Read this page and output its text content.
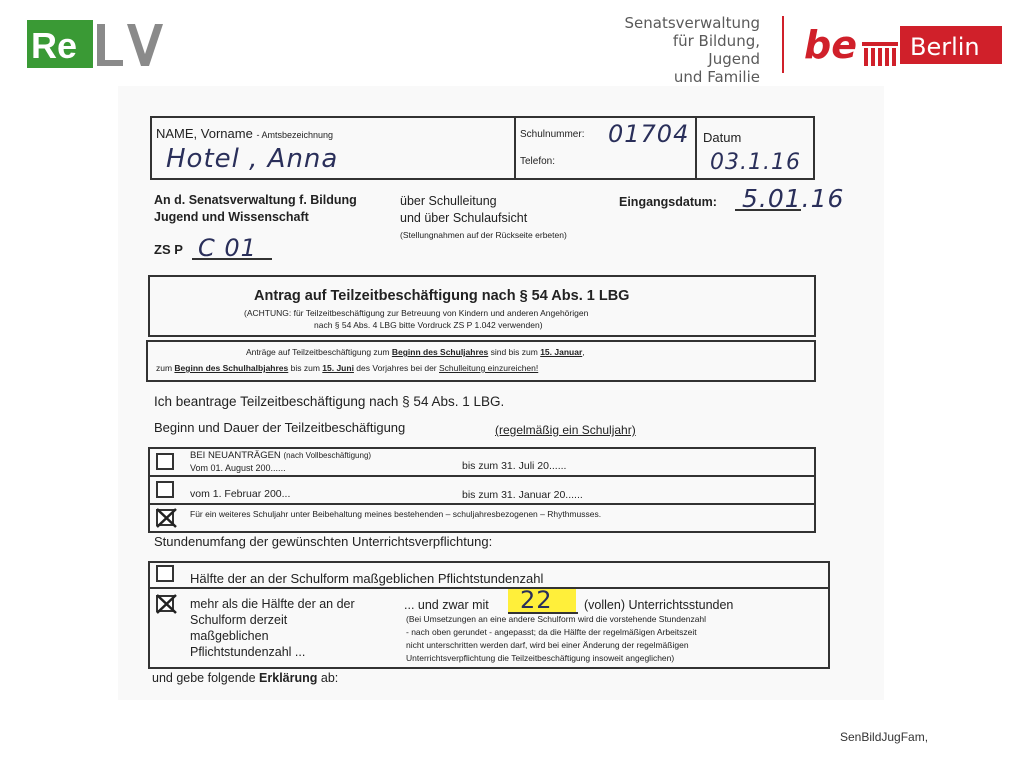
Re
Senatsverwaltung
für Bildung, Jugend
und Familie
be Berlin
NAME, Vorname - Amtsbezeichnung
Hotel , Anna
Schulnummer: 01704
Telefon:
Datum
03.1.16
An d. Senatsverwaltung f. Bildung
Jugend und Wissenschaft
über Schulleitung
und über Schulaufsicht
(Stellungnahmen auf der Rückseite erbeten)
Eingangsdatum: 5.01.16
ZS P C 01
Antrag auf Teilzeitbeschäftigung nach § 54 Abs. 1 LBG
(ACHTUNG: für Teilzeitbeschäftigung zur Betreuung von Kindern und anderen Angehörigen
nach § 54 Abs. 4 LBG bitte Vordruck ZS P 1.042 verwenden)
Anträge auf Teilzeitbeschäftigung zum Beginn des Schuljahres sind bis zum 15. Januar,
zum Beginn des Schulhalbjahres bis zum 15. Juni des Vorjahres bei der Schulleitung einzureichen!
Ich beantrage Teilzeitbeschäftigung nach § 54 Abs. 1 LBG.
Beginn und Dauer der Teilzeitbeschäftigung	(regelmäßig ein Schuljahr)
BEI NEUANTRÄGEN (nach Vollbeschäftigung)
Vom 01. August 200......	bis zum 31. Juli 20......
vom 1. Februar 200...	bis zum 31. Januar 20......
Für ein weiteres Schuljahr unter Beibehaltung meines bestehenden – schuljahresbezogenen – Rhythmusses.
Stundenumfang der gewünschten Unterrichtsverpflichtung:
Hälfte der an der Schulform maßgeblichen Pflichtstundenzahl
mehr als die Hälfte der an der
Schulform derzeit
maßgeblichen
Pflichtstundenzahl ...
... und zwar mit 22	(vollen) Unterrichtsstunden
(Bei Umsetzungen an eine andere Schulform wird die vorstehende Stundenzahl
- nach oben gerundet - angepasst; da die Hälfte der regelmäßigen Arbeitszeit
nicht unterschritten werden darf, wird bei einer Änderung der regelmäßigen
Unterrichtsverpflichtung die Teilzeitbeschäftigung insoweit angeglichen)
und gebe folgende Erklärung ab:
SenBildJugFam,
